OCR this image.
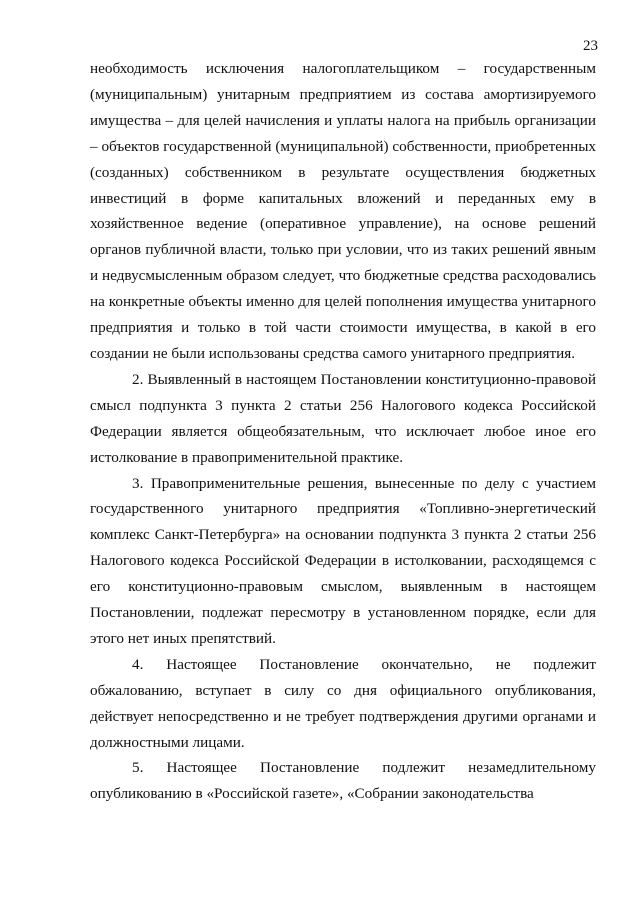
23

необходимость исключения налогоплательщиком – государственным (муниципальным) унитарным предприятием из состава амортизируемого имущества – для целей начисления и уплаты налога на прибыль организации – объектов государственной (муниципальной) собственности, приобретенных (созданных) собственником в результате осуществления бюджетных инвестиций в форме капитальных вложений и переданных ему в хозяйственное ведение (оперативное управление), на основе решений органов публичной власти, только при условии, что из таких решений явным и недвусмысленным образом следует, что бюджетные средства расходовались на конкретные объекты именно для целей пополнения имущества унитарного предприятия и только в той части стоимости имущества, в какой в его создании не были использованы средства самого унитарного предприятия.

2. Выявленный в настоящем Постановлении конституционно-правовой смысл подпункта 3 пункта 2 статьи 256 Налогового кодекса Российской Федерации является общеобязательным, что исключает любое иное его истолкование в правоприменительной практике.

3. Правоприменительные решения, вынесенные по делу с участием государственного унитарного предприятия «Топливно-энергетический комплекс Санкт-Петербурга» на основании подпункта 3 пункта 2 статьи 256 Налогового кодекса Российской Федерации в истолковании, расходящемся с его конституционно-правовым смыслом, выявленным в настоящем Постановлении, подлежат пересмотру в установленном порядке, если для этого нет иных препятствий.

4. Настоящее Постановление окончательно, не подлежит обжалованию, вступает в силу со дня официального опубликования, действует непосредственно и не требует подтверждения другими органами и должностными лицами.

5. Настоящее Постановление подлежит незамедлительному опубликованию в «Российской газете», «Собрании законодательства
